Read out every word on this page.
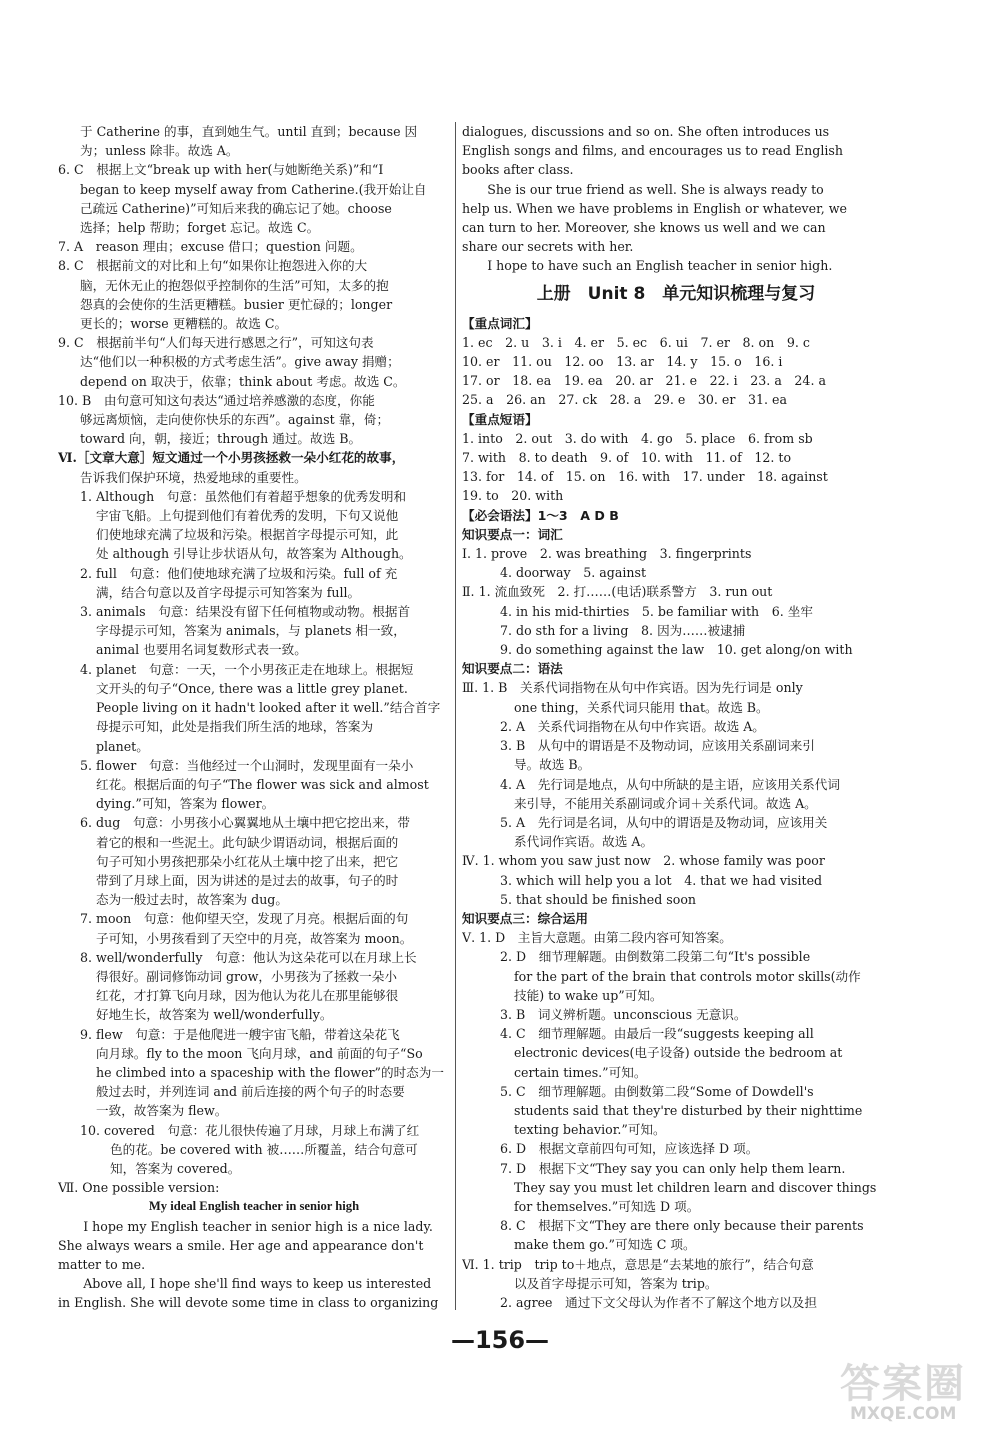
于 Catherine 的事，直到她生气。until 直到；because 因
为；unless 除非。故选 A。
6. C　根据上文“break up with her(与她断绝关系)”和“I
began to keep myself away from Catherine.(我开始让自
己疏远 Catherine)”可知后来我的确忘记了她。choose
选择；help 帮助；forget 忘记。故选 C。
7. A　reason 理由；excuse 借口；question 问题。
8. C　根据前文的对比和上句“如果你让抱怨进入你的大
脑，无休无止的抱怨似乎控制你的生活”可知，太多的抱
怨真的会使你的生活更糟糕。busier 更忙碌的；longer
更长的；worse 更糟糕的。故选 C。
9. C　根据前半句“人们每天进行感恩之行”，可知这句表
达“他们以一种积极的方式考虑生活”。give away 捐赠；
depend on 取决于，依靠；think about 考虑。故选 C。
10. B　由句意可知这句表达“通过培养感激的态度，你能
够远离烦恼，走向使你快乐的东西”。against 靠，倚；
toward 向，朝，接近；through 通过。故选 B。
Ⅵ.［文章大意］短文通过一个小男孩拯救一朵小红花的故事，
告诉我们保护环境，热爱地球的重要性。
1. Although　句意：虽然他们有着超乎想象的优秀发明和
宇宙飞船。上句提到他们有着优秀的发明，下句又说他
们使地球充满了垃圾和污染。根据首字母提示可知，此
处 although 引导让步状语从句，故答案为 Although。
2. full　句意：他们使地球充满了垃圾和污染。full of 充
满，结合句意以及首字母提示可知答案为 full。
3. animals　句意：结果没有留下任何植物或动物。根据首
字母提示可知，答案为 animals，与 planets 相一致，
animal 也要用名词复数形式表一致。
4. planet　句意：一天，一个小男孩正走在地球上。根据短
文开头的句子“Once, there was a little grey planet.
People living on it hadn't looked after it well.”结合首字
母提示可知，此处是指我们所生活的地球，答案为
planet。
5. flower　句意：当他经过一个山洞时，发现里面有一朵小
红花。根据后面的句子“The flower was sick and almost
dying.”可知，答案为 flower。
6. dug　句意：小男孩小心翼翼地从土壤中把它挖出来，带
着它的根和一些泥土。此句缺少谓语动词，根据后面的
句子可知小男孩把那朵小红花从土壤中挖了出来，把它
带到了月球上面，因为讲述的是过去的故事，句子的时
态为一般过去时，故答案为 dug。
7. moon　句意：他仰望天空，发现了月亮。根据后面的句
子可知，小男孩看到了天空中的月亮，故答案为 moon。
8. well/wonderfully　句意：他认为这朵花可以在月球上长
得很好。副词修饰动词 grow，小男孩为了拯救一朵小
红花，才打算飞向月球，因为他认为花儿在那里能够很
好地生长，故答案为 well/wonderfully。
9. flew　句意：于是他爬进一艘宇宙飞船，带着这朵花飞
向月球。fly to the moon 飞向月球，and 前面的句子“So
he climbed into a spaceship with the flower”的时态为一
般过去时，并列连词 and 前后连接的两个句子的时态要
一致，故答案为 flew。
10. covered　句意：花儿很快传遍了月球，月球上布满了红
色的花。be covered with 被……所覆盖，结合句意可
知，答案为 covered。
Ⅶ. One possible version:
My ideal English teacher in senior high
　　I hope my English teacher in senior high is a nice lady.
She always wears a smile. Her age and appearance don't
matter to me.
　　Above all, I hope she'll find ways to keep us interested
in English. She will devote some time in class to organizing
dialogues, discussions and so on. She often introduces us
English songs and films, and encourages us to read English
books after class.
　　She is our true friend as well. She is always ready to
help us. When we have problems in English or whatever, we
can turn to her. Moreover, she knows us well and we can
share our secrets with her.
　　I hope to have such an English teacher in senior high.
上册　Unit 8　单元知识梳理与复习
【重点词汇】
1. ec　2. u　3. i　4. er　5. ec　6. ui　7. er　8. on　9. c
10. er　11. ou　12. oo　13. ar　14. y　15. o　16. i
17. or　18. ea　19. ea　20. ar　21. e　22. i　23. a　24. a
25. a　26. an　27. ck　28. a　29. e　30. er　31. ea
【重点短语】
1. into　2. out　3. do with　4. go　5. place　6. from sb
7. with　8. to death　9. of　10. with　11. of　12. to
13. for　14. of　15. on　16. with　17. under　18. against
19. to　20. with
【必会语法】1～3　A D B
知识要点一：词汇
Ⅰ. 1. prove　2. was breathing　3. fingerprints
4. doorway　5. against
Ⅱ. 1. 流血致死　2. 打……(电话)联系警方　3. run out
4. in his mid-thirties　5. be familiar with　6. 坐牢
7. do sth for a living　8. 因为……被逮捕
9. do something against the law　10. get along/on with
知识要点二：语法
Ⅲ. 1. B　关系代词指物在从句中作宾语。因为先行词是 only
one thing，关系代词只能用 that。故选 B。
2. A　关系代词指物在从句中作宾语。故选 A。
3. B　从句中的谓语是不及物动词，应该用关系副词来引
导。故选 B。
4. A　先行词是地点，从句中所缺的是主语，应该用关系代词
来引导，不能用关系副词或介词＋关系代词。故选 A。
5. A　先行词是名词，从句中的谓语是及物动词，应该用关
系代词作宾语。故选 A。
Ⅳ. 1. whom you saw just now　2. whose family was poor
3. which will help you a lot　4. that we had visited
5. that should be finished soon
知识要点三：综合运用
Ⅴ. 1. D　主旨大意题。由第二段内容可知答案。
2. D　细节理解题。由倒数第二段第二句“It's possible
for the part of the brain that controls motor skills(动作
技能) to wake up”可知。
3. B　词义辨析题。unconscious 无意识。
4. C　细节理解题。由最后一段“suggests keeping all
electronic devices(电子设备) outside the bedroom at
certain times.”可知。
5. C　细节理解题。由倒数第二段“Some of Dowdell's
students said that they're disturbed by their nighttime
texting behavior.”可知。
6. D　根据文章前四句可知，应该选择 D 项。
7. D　根据下文“They say you can only help them learn.
They say you must let children learn and discover things
for themselves.”可知选 D 项。
8. C　根据下文“They are there only because their parents
make them go.”可知选 C 项。
Ⅵ. 1. trip　trip to＋地点，意思是“去某地的旅行”，结合句意
以及首字母提示可知，答案为 trip。
2. agree　通过下文父母认为作者不了解这个地方以及担
—156—
答案圈
MXQE.COM
